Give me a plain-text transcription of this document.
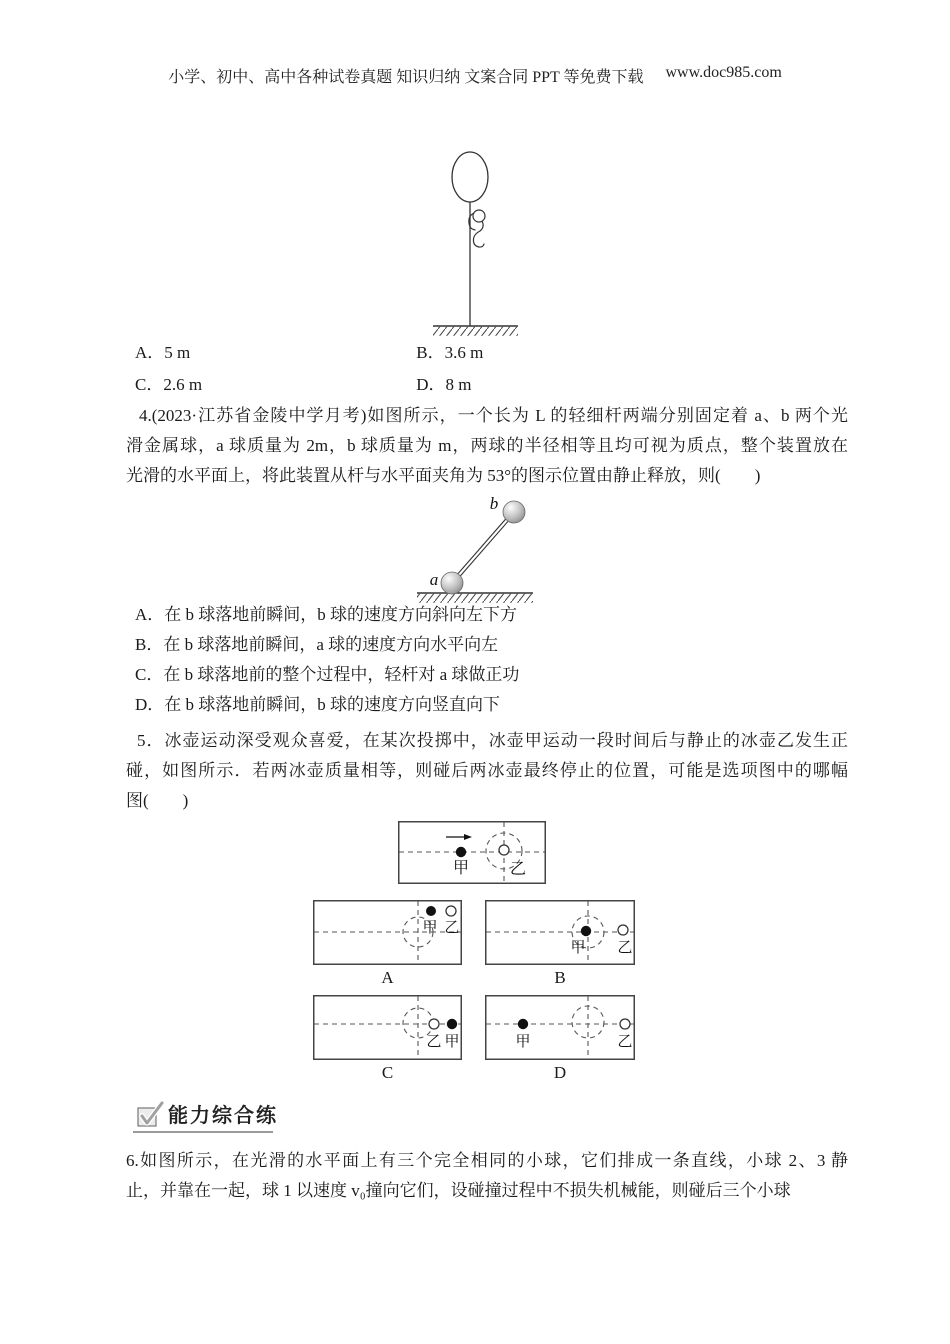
小学、初中、高中各种试卷真题 知识归纳 文案合同 PPT 等免费下载 www.doc985.com
A．5 m	B．3.6 m
C．2.6 m	D．8 m
4.(2023·江苏省金陵中学月考)如图所示，一个长为 L 的轻细杆两端分别固定着 a、b 两个光
滑金属球，a 球质量为 2m，b 球质量为 m，两球的半径相等且均可视为质点，整个装置放在
光滑的水平面上，将此装置从杆与水平面夹角为 53°的图示位置由静止释放，则(　　)
a
b
A．在 b 球落地前瞬间，b 球的速度方向斜向左下方
B．在 b 球落地前瞬间，a 球的速度方向水平向左
C．在 b 球落地前的整个过程中，轻杆对 a 球做正功
D．在 b 球落地前瞬间，b 球的速度方向竖直向下
5．冰壶运动深受观众喜爱，在某次投掷中，冰壶甲运动一段时间后与静止的冰壶乙发生正
碰，如图所示．若两冰壶质量相等，则碰后两冰壶最终停止的位置，可能是选项图中的哪幅
图(　　)
甲	乙
甲 乙
A
甲 乙
B
乙 甲
C
甲	乙
D
能力综合练
6.如图所示，在光滑的水平面上有三个完全相同的小球，它们排成一条直线，小球 2、3 静
止，并靠在一起，球 1 以速度 v₀撞向它们，设碰撞过程中不损失机械能，则碰后三个小球
